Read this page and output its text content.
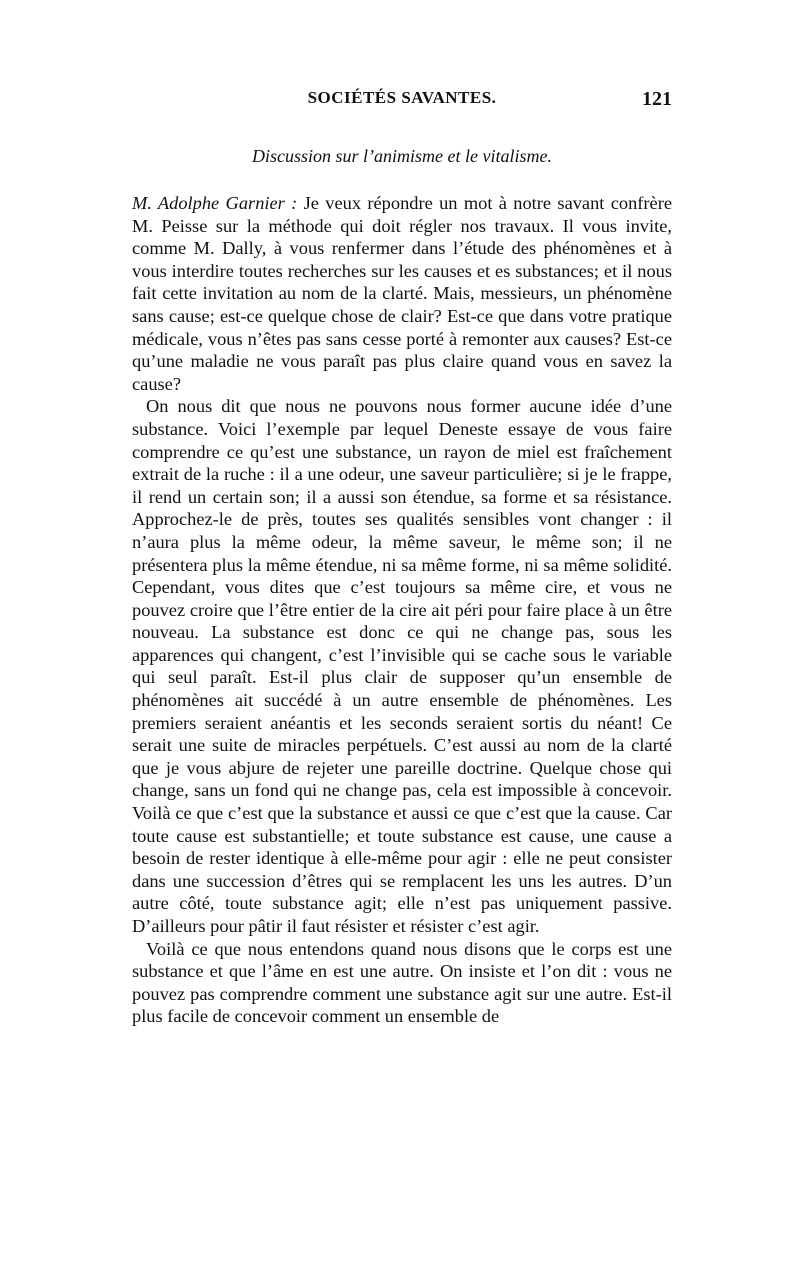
SOCIÉTÉS SAVANTES.	121
Discussion sur l’animisme et le vitalisme.

M. Adolphe Garnier : Je veux répondre un mot à notre savant confrère M. Peisse sur la méthode qui doit régler nos travaux. Il vous invite, comme M. Dally, à vous renfermer dans l’étude des phénomènes et à vous interdire toutes recherches sur les causes et es substances; et il nous fait cette invitation au nom de la clarté. Mais, messieurs, un phénomène sans cause; est-ce quelque chose de clair? Est-ce que dans votre pratique médicale, vous n’êtes pas sans cesse porté à remonter aux causes? Est-ce qu’une maladie ne vous paraît pas plus claire quand vous en savez la cause?

On nous dit que nous ne pouvons nous former aucune idée d’une substance. Voici l’exemple par lequel Deneste essaye de vous faire comprendre ce qu’est une substance, un rayon de miel est fraîchement extrait de la ruche : il a une odeur, une saveur particulière; si je le frappe, il rend un certain son; il a aussi son étendue, sa forme et sa résistance. Approchez-le de près, toutes ses qualités sensibles vont changer : il n’aura plus la même odeur, la même saveur, le même son; il ne présentera plus la même étendue, ni sa même forme, ni sa même solidité. Cependant, vous dites que c’est toujours sa même cire, et vous ne pouvez croire que l’être entier de la cire ait péri pour faire place à un être nouveau. La substance est donc ce qui ne change pas, sous les apparences qui changent, c’est l’invisible qui se cache sous le variable qui seul paraît. Est-il plus clair de supposer qu’un ensemble de phénomènes ait succédé à un autre ensemble de phénomènes. Les premiers seraient anéantis et les seconds seraient sortis du néant! Ce serait une suite de miracles perpétuels. C’est aussi au nom de la clarté que je vous abjure de rejeter une pareille doctrine. Quelque chose qui change, sans un fond qui ne change pas, cela est impossible à concevoir. Voilà ce que c’est que la substance et aussi ce que c’est que la cause. Car toute cause est substantielle; et toute substance est cause, une cause a besoin de rester identique à elle-même pour agir : elle ne peut consister dans une succession d’êtres qui se remplacent les uns les autres. D’un autre côté, toute substance agit; elle n’est pas uniquement passive. D’ailleurs pour pâtir il faut résister et résister c’est agir.

Voilà ce que nous entendons quand nous disons que le corps est une substance et que l’âme en est une autre. On insiste et l’on dit : vous ne pouvez pas comprendre comment une substance agit sur une autre. Est-il plus facile de concevoir comment un ensemble de
